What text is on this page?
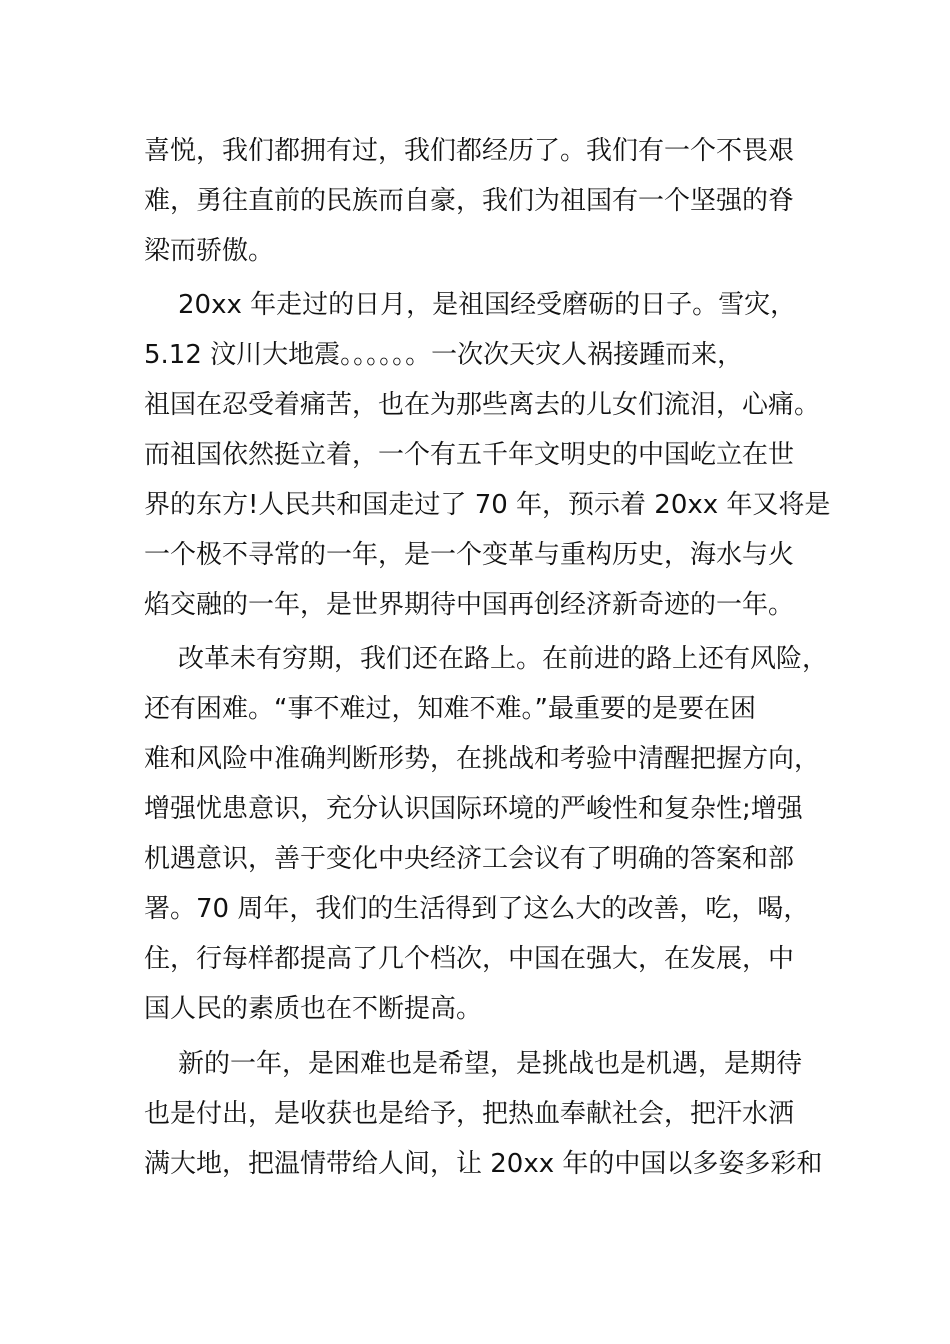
喜悦，我们都拥有过，我们都经历了。我们有一个不畏艰
难，勇往直前的民族而自豪，我们为祖国有一个坚强的脊
梁而骄傲。
20xx 年走过的日月，是祖国经受磨砺的日子。雪灾，
5.12 汶川大地震。。。。。。一次次天灾人祸接踵而来，
祖国在忍受着痛苦，也在为那些离去的儿女们流泪，心痛。
而祖国依然挺立着，一个有五千年文明史的中国屹立在世
界的东方!人民共和国走过了 70 年，预示着 20xx 年又将是
一个极不寻常的一年，是一个变革与重构历史，海水与火
焰交融的一年，是世界期待中国再创经济新奇迹的一年。
改革未有穷期，我们还在路上。在前进的路上还有风险，
还有困难。“事不难过，知难不难。”最重要的是要在困
难和风险中准确判断形势，在挑战和考验中清醒把握方向，
增强忧患意识，充分认识国际环境的严峻性和复杂性;增强
机遇意识，善于变化中央经济工会议有了明确的答案和部
署。70 周年，我们的生活得到了这么大的改善，吃，喝，
住，行每样都提高了几个档次，中国在强大，在发展，中
国人民的素质也在不断提高。
新的一年，是困难也是希望，是挑战也是机遇，是期待
也是付出，是收获也是给予，把热血奉献社会，把汗水洒
满大地，把温情带给人间，让 20xx 年的中国以多姿多彩和
